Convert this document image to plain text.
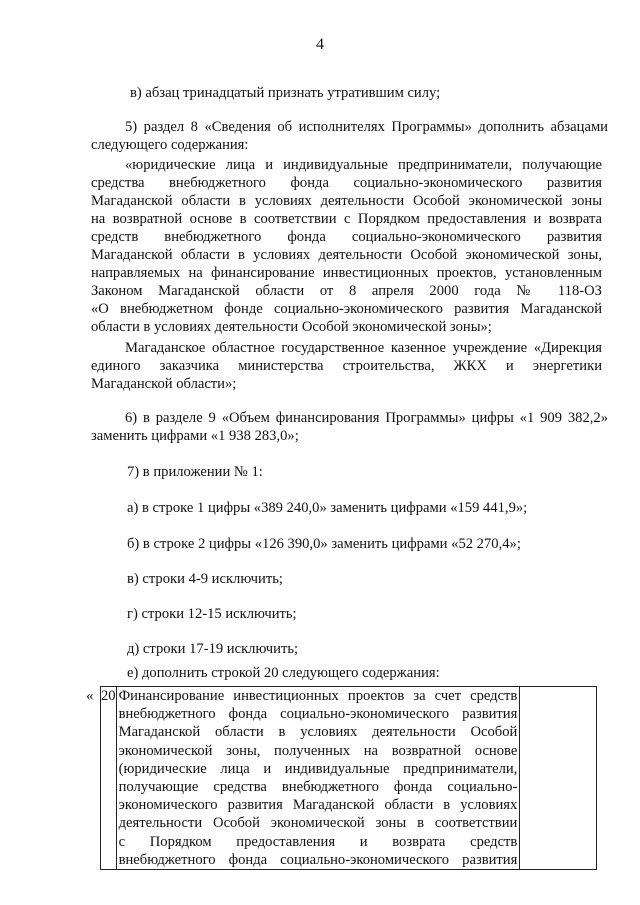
4
в) абзац тринадцатый признать утратившим силу;
5) раздел 8 «Сведения об исполнителях Программы» дополнить абзацами
следующего содержания:
«юридические лица и индивидуальные предприниматели, получающие
средства внебюджетного фонда социально-экономического развития
Магаданской области в условиях деятельности Особой экономической зоны
на возвратной основе в соответствии с Порядком предоставления и возврата
средств внебюджетного фонда социально-экономического развития
Магаданской области в условиях деятельности Особой экономической зоны,
направляемых на финансирование инвестиционных проектов, установленным
Законом Магаданской области от 8 апреля 2000 года № 118-ОЗ
«О внебюджетном фонде социально-экономического развития Магаданской
области в условиях деятельности Особой экономической зоны»;
Магаданское областное государственное казенное учреждение «Дирекция
единого заказчика министерства строительства, ЖКХ и энергетики
Магаданской области»;
6) в разделе 9 «Объем финансирования Программы» цифры «1 909 382,2»
заменить цифрами «1 938 283,0»;
7) в приложении № 1:
а) в строке 1 цифры «389 240,0» заменить цифрами «159 441,9»;
б) в строке 2 цифры «126 390,0» заменить цифрами «52 270,4»;
в) строки 4-9 исключить;
г) строки 12-15 исключить;
д) строки 17-19 исключить;
е) дополнить строкой 20 следующего содержания:
« 20	Финансирование инвестиционных проектов за счет средств
внебюджетного фонда социально-экономического развития
Магаданской области в условиях деятельности Особой
экономической зоны, полученных на возвратной основе
(юридические лица и индивидуальные предприниматели,
получающие средства внебюджетного фонда социально-
экономического развития Магаданской области в условиях
деятельности Особой экономической зоны в соответствии
с Порядком предоставления и возврата средств
внебюджетного фонда социально-экономического развития
